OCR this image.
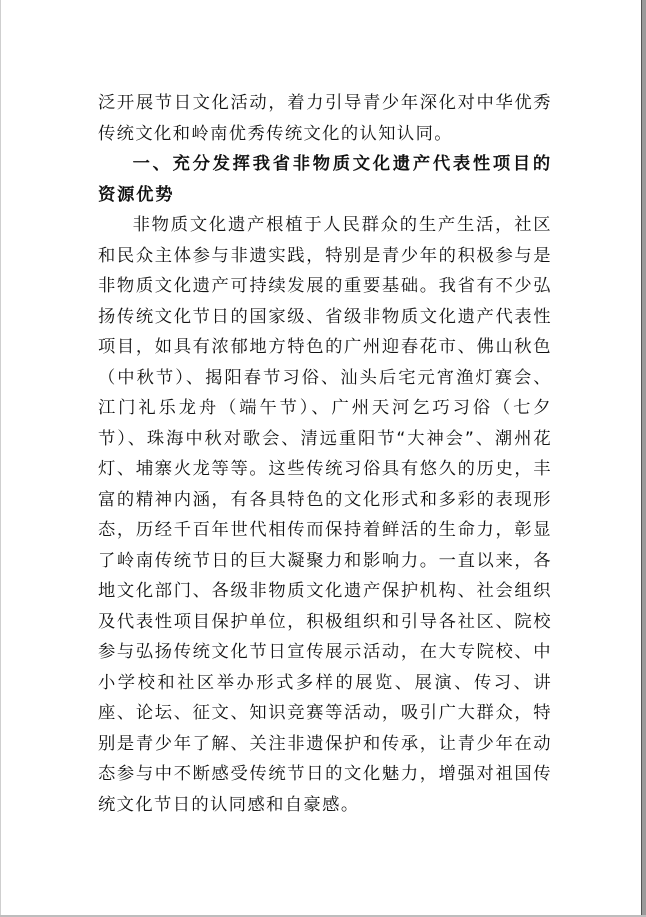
泛开展节日文化活动，着力引导青少年深化对中华优秀传统文化和岭南优秀传统文化的认知认同。

一、充分发挥我省非物质文化遗产代表性项目的资源优势

非物质文化遗产根植于人民群众的生产生活，社区和民众主体参与非遗实践，特别是青少年的积极参与是非物质文化遗产可持续发展的重要基础。我省有不少弘扬传统文化节日的国家级、省级非物质文化遗产代表性项目，如具有浓郁地方特色的广州迎春花市、佛山秋色（中秋节）、揭阳春节习俗、汕头后宅元宵渔灯赛会、江门礼乐龙舟（端午节）、广州天河乞巧习俗（七夕节）、珠海中秋对歌会、清远重阳节“大神会”、潮州花灯、埔寨火龙等等。这些传统习俗具有悠久的历史，丰富的精神内涵，有各具特色的文化形式和多彩的表现形态，历经千百年世代相传而保持着鲜活的生命力，彰显了岭南传统节日的巨大凝聚力和影响力。一直以来，各地文化部门、各级非物质文化遗产保护机构、社会组织及代表性项目保护单位，积极组织和引导各社区、院校参与弘扬传统文化节日宣传展示活动，在大专院校、中小学校和社区举办形式多样的展览、展演、传习、讲座、论坛、征文、知识竞赛等活动，吸引广大群众，特别是青少年了解、关注非遗保护和传承，让青少年在动态参与中不断感受传统节日的文化魅力，增强对祖国传统文化节日的认同感和自豪感。
